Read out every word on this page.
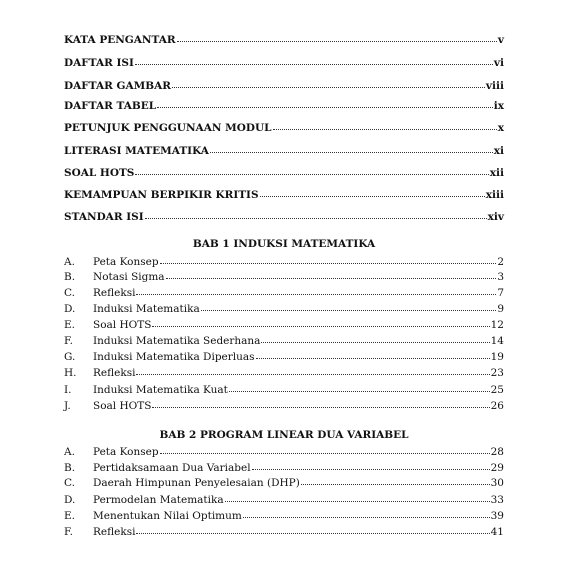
KATA PENGANTAR	v
DAFTAR ISI	vi
DAFTAR GAMBAR	viii
DAFTAR TABEL	ix
PETUNJUK PENGGUNAAN MODUL	x
LITERASI MATEMATIKA	xi
SOAL HOTS	xii
KEMAMPUAN BERPIKIR KRITIS	xiii
STANDAR ISI	xiv
BAB 1 INDUKSI MATEMATIKA
A.	Peta Konsep	2
B.	Notasi Sigma	3
C.	Refleksi	7
D.	Induksi Matematika	9
E.	Soal HOTS	12
F.	Induksi Matematika Sederhana	14
G.	Induksi Matematika Diperluas	19
H.	Refleksi	23
I.	Induksi Matematika Kuat	25
J.	Soal HOTS	26
BAB 2 PROGRAM LINEAR DUA VARIABEL
A.	Peta Konsep	28
B.	Pertidaksamaan Dua Variabel	29
C.	Daerah Himpunan Penyelesaian (DHP)	30
D.	Permodelan Matematika	33
E.	Menentukan Nilai Optimum	39
F.	Refleksi	41
